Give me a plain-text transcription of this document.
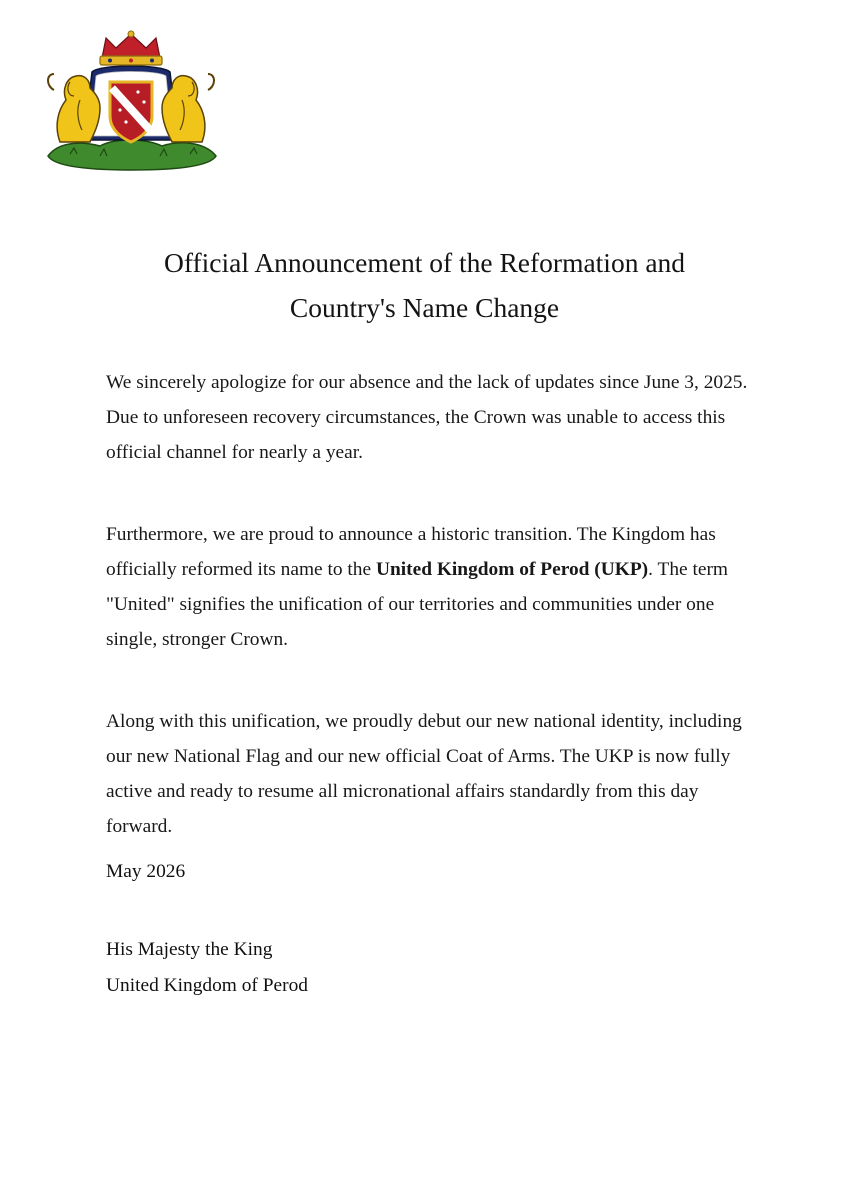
Official Announcement of the Reformation and
Country's Name Change

We sincerely apologize for our absence and the lack of updates since June 3, 2025. Due to unforeseen recovery circumstances, the Crown was unable to access this official channel for nearly a year.

Furthermore, we are proud to announce a historic transition. The Kingdom has officially reformed its name to the United Kingdom of Perod (UKP). The term "United" signifies the unification of our territories and communities under one single, stronger Crown.

Along with this unification, we proudly debut our new national identity, including our new National Flag and our new official Coat of Arms. The UKP is now fully active and ready to resume all micronational affairs standardly from this day forward.

May 2026

His Majesty the King
United Kingdom of Perod
